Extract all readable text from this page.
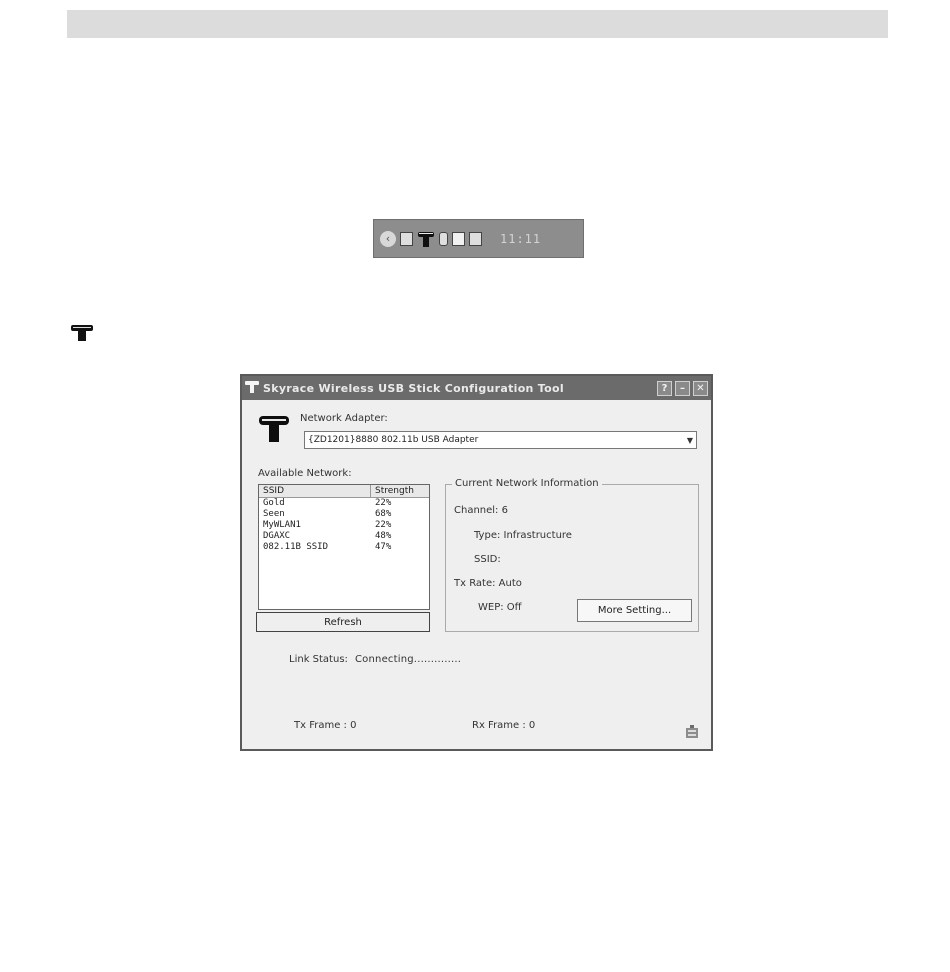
‹	11:11
Skyrace Wireless USB Stick Configuration Tool	?	–	✕
Network Adapter:
{ZD1201}8880 802.11b USB Adapter	▼
Available Network:
SSID	Strength
Gold	22%
Seen	68%
MyWLAN1	22%
DGAXC	48%
082.11B SSID	47%
Refresh
Current Network Information
Channel: 6
Type: Infrastructure
SSID:
Tx Rate: Auto
WEP: Off	More Setting...
Link Status: Connecting..............
Tx Frame : 0	Rx Frame : 0
